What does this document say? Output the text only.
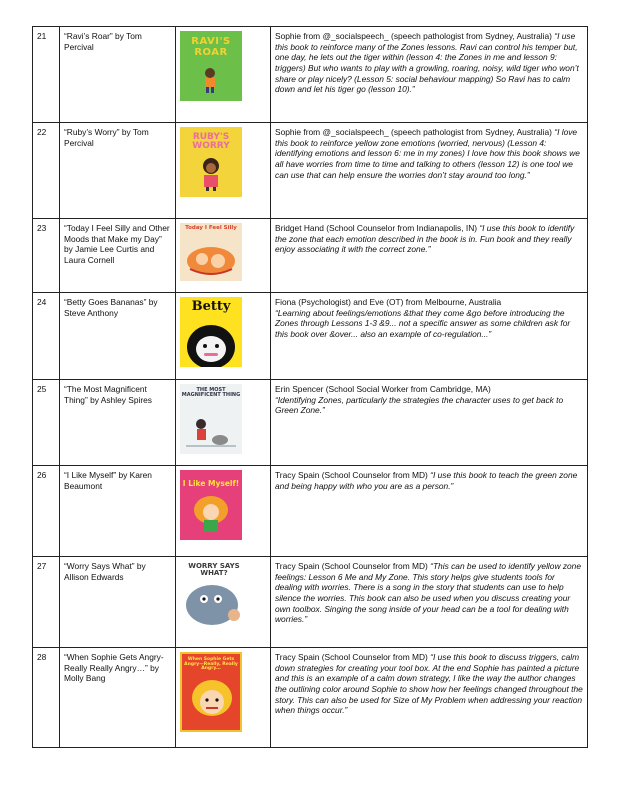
21	“Ravi’s Roar” by Tom Percival	RAVI'S ROAR	Sophie from @_socialspeech_ (speech pathologist from Sydney, Australia) “I use this book to reinforce many of the Zones lessons. Ravi can control his temper but, one day, he lets out the tiger within (lesson 4: the Zones in me and lesson 9: triggers) But who wants to play with a growling, roaring, noisy, wild tiger who won’t share or play nicely? (Lesson 5: social behaviour mapping) So Ravi has to calm down and let his tiger go (lesson 10).”
22	“Ruby’s Worry” by Tom Percival	RUBY'S WORRY	Sophie from @_socialspeech_ (speech pathologist from Sydney, Australia) “I love this book to reinforce yellow zone emotions (worried, nervous) (Lesson 4: identifying emotions and lesson 6: me in my zones) I love how this book shows we all have worries from time to time and talking to others (lesson 12) is one tool we can use that can help ensure the worries don’t stay around too long.”
23	“Today I Feel Silly and Other Moods that Make my Day” by Jamie Lee Curtis and Laura Cornell	Today I Feel Silly	Bridget Hand (School Counselor from Indianapolis, IN) “I use this book to identify the zone that each emotion described in the book is in. Fun book and they really enjoy associating it with the correct zone.”
24	“Betty Goes Bananas” by Steve Anthony	Betty	Fiona (Psychologist) and Eve (OT) from Melbourne, Australia
“Learning about feelings/emotions &that they come &go before introducing the Zones through Lessons 1-3 &9... not a specific answer as some children ask for this book over &over... also an example of co-regulation...”
25	“The Most Magnificent Thing” by Ashley Spires	THE MOST MAGNIFICENT THING	Erin Spencer (School Social Worker from Cambridge, MA)
“Identifying Zones, particularly the strategies the character uses to get back to Green Zone.”
26	“I Like Myself” by Karen Beaumont	I Like Myself!	Tracy Spain (School Counselor from MD) “I use this book to teach the green zone and being happy with who you are as a person.”
27	“Worry Says What” by Allison Edwards	WORRY SAYS WHAT?	Tracy Spain (School Counselor from MD) “This can be used to identify yellow zone feelings: Lesson 6 Me and My Zone. This story helps give students tools for dealing with worries. There is a song in the story that students can use to help silence the worries. This book can also be used when you discuss creating your own toolbox. Singing the song inside of your head can be a tool for dealing with worries.”
28	“When Sophie Gets Angry- Really Really Angry…” by Molly Bang	When Sophie Gets Angry—Really, Really Angry…	Tracy Spain (School Counselor from MD) “I use this book to discuss triggers, calm down strategies for creating your tool box. At the end Sophie has painted a picture and this is an example of a calm down strategy, I like the way the author changes the outlining color around Sophie to show how her feelings changed throughout the story. This can also be used for Size of My Problem when addressing your reaction when things occur.”
